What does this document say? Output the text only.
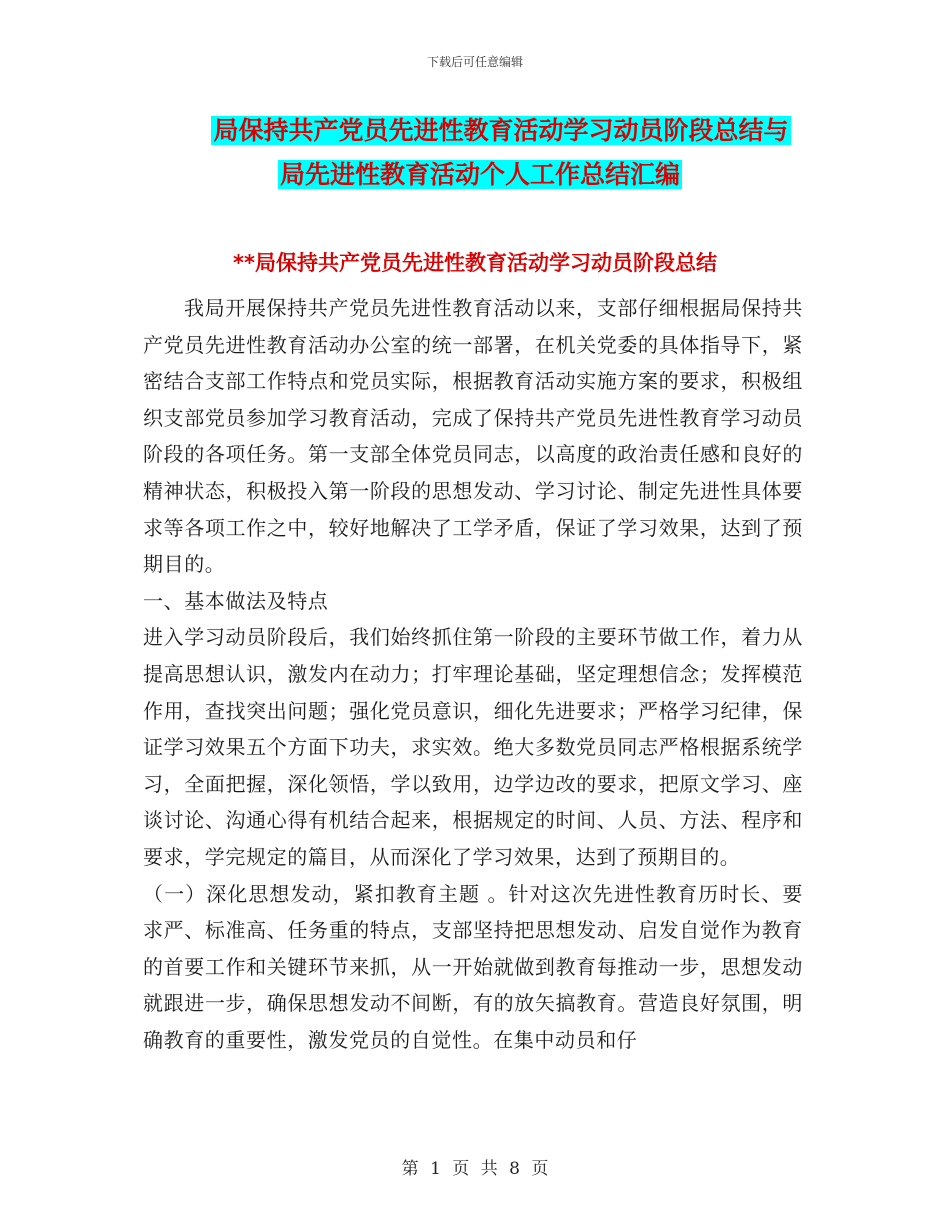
下载后可任意编辑
局保持共产党员先进性教育活动学习动员阶段总结与
局先进性教育活动个人工作总结汇编
**局保持共产党员先进性教育活动学习动员阶段总结

我局开展保持共产党员先进性教育活动以来，支部仔细根据局保持共产党员先进性教育活动办公室的统一部署，在机关党委的具体指导下，紧密结合支部工作特点和党员实际，根据教育活动实施方案的要求，积极组织支部党员参加学习教育活动，完成了保持共产党员先进性教育学习动员阶段的各项任务。第一支部全体党员同志，以高度的政治责任感和良好的精神状态，积极投入第一阶段的思想发动、学习讨论、制定先进性具体要求等各项工作之中，较好地解决了工学矛盾，保证了学习效果，达到了预期目的。

一、基本做法及特点

进入学习动员阶段后，我们始终抓住第一阶段的主要环节做工作，着力从提高思想认识，激发内在动力；打牢理论基础，坚定理想信念；发挥模范作用，查找突出问题；强化党员意识，细化先进要求；严格学习纪律，保证学习效果五个方面下功夫，求实效。绝大多数党员同志严格根据系统学习，全面把握，深化领悟，学以致用，边学边改的要求，把原文学习、座谈讨论、沟通心得有机结合起来，根据规定的时间、人员、方法、程序和要求，学完规定的篇目，从而深化了学习效果，达到了预期目的。

（一）深化思想发动，紧扣教育主题 。针对这次先进性教育历时长、要求严、标准高、任务重的特点，支部坚持把思想发动、启发自觉作为教育的首要工作和关键环节来抓，从一开始就做到教育每推动一步，思想发动就跟进一步，确保思想发动不间断，有的放矢搞教育。营造良好氛围，明确教育的重要性，激发党员的自觉性。在集中动员和仔

第 1 页 共 8 页
